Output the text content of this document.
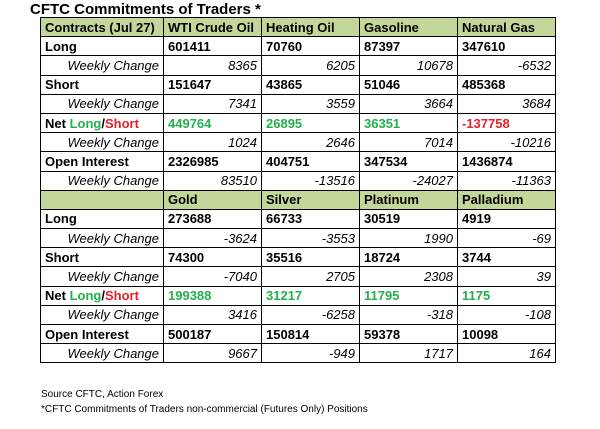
CFTC Commitments of Traders *
Contracts (Jul 27)	WTI Crude Oil	Heating Oil	Gasoline	Natural Gas
Long	601411	70760	87397	347610
Weekly Change	8365	6205	10678	-6532
Short	151647	43865	51046	485368
Weekly Change	7341	3559	3664	3684
Net Long/Short	449764	26895	36351	-137758
Weekly Change	1024	2646	7014	-10216
Open Interest	2326985	404751	347534	1436874
Weekly Change	83510	-13516	-24027	-11363
	Gold	Silver	Platinum	Palladium
Long	273688	66733	30519	4919
Weekly Change	-3624	-3553	1990	-69
Short	74300	35516	18724	3744
Weekly Change	-7040	2705	2308	39
Net Long/Short	199388	31217	11795	1175
Weekly Change	3416	-6258	-318	-108
Open Interest	500187	150814	59378	10098
Weekly Change	9667	-949	1717	164
Source CFTC, Action Forex
*CFTC Commitments of Traders non-commercial (Futures Only) Positions
